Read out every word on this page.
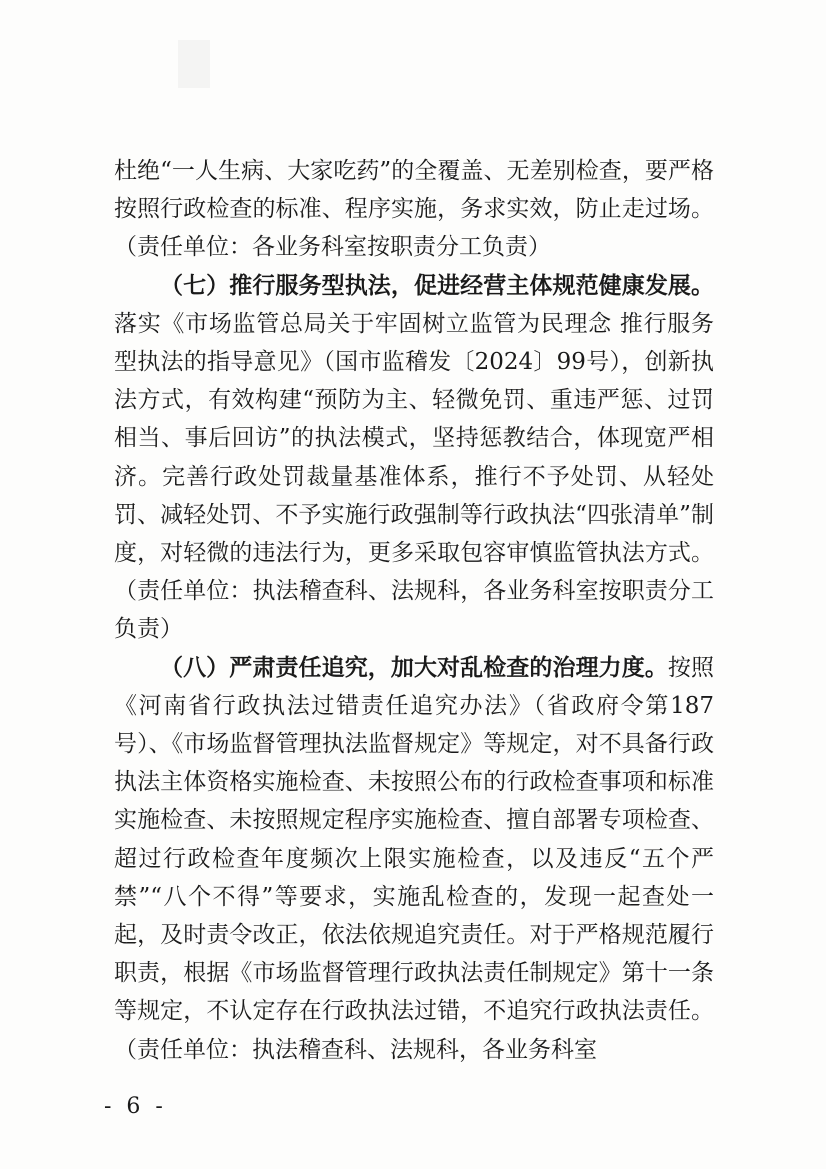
杜绝“一人生病、大家吃药”的全覆盖、无差别检查，要严格按照行政检查的标准、程序实施，务求实效，防止走过场。（责任单位：各业务科室按职责分工负责）

（七）推行服务型执法，促进经营主体规范健康发展。落实《市场监管总局关于牢固树立监管为民理念 推行服务型执法的指导意见》（国市监稽发〔2024〕99号），创新执法方式，有效构建“预防为主、轻微免罚、重违严惩、过罚相当、事后回访”的执法模式，坚持惩教结合，体现宽严相济。完善行政处罚裁量基准体系，推行不予处罚、从轻处罚、减轻处罚、不予实施行政强制等行政执法“四张清单”制度，对轻微的违法行为，更多采取包容审慎监管执法方式。（责任单位：执法稽查科、法规科，各业务科室按职责分工负责）

（八）严肃责任追究，加大对乱检查的治理力度。按照《河南省行政执法过错责任追究办法》（省政府令第187号）、《市场监督管理执法监督规定》等规定，对不具备行政执法主体资格实施检查、未按照公布的行政检查事项和标准实施检查、未按照规定程序实施检查、擅自部署专项检查、超过行政检查年度频次上限实施检查，以及违反“五个严禁”“八个不得”等要求，实施乱检查的，发现一起查处一起，及时责令改正，依法依规追究责任。对于严格规范履行职责，根据《市场监督管理行政执法责任制规定》第十一条等规定，不认定存在行政执法过错，不追究行政执法责任。（责任单位：执法稽查科、法规科，各业务科室

- 6 -
